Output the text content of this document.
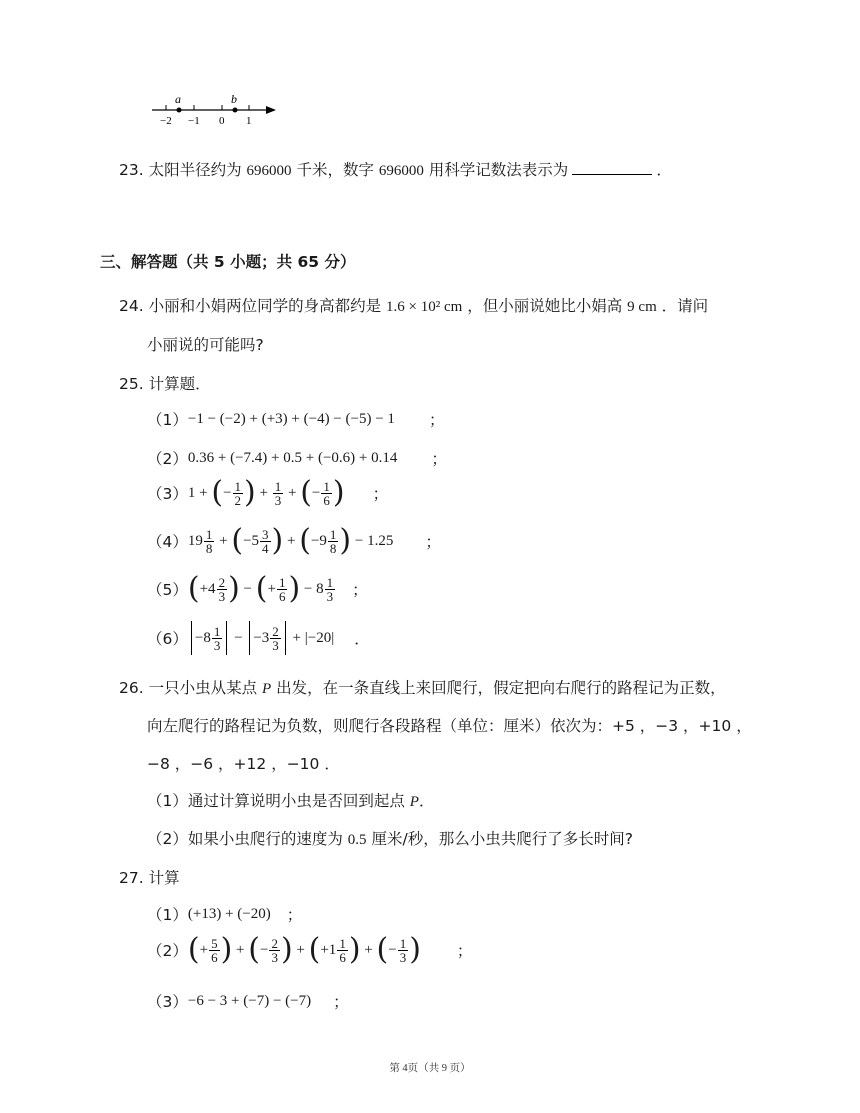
a	b
−2 −1 0 1
23. 太阳半径约为 696000 千米，数字 696000 用科学记数法表示为	．
三、解答题（共 5 小题；共 65 分）
24. 小丽和小娟两位同学的身高都约是 1.6 × 10² cm ，但小丽说她比小娟高 9 cm ．请问
小丽说的可能吗?
25. 计算题．
（1） −1 − (−2) + (+3) + (−4) − (−5) − 1 ；
（2） 0.36 + (−7.4) + 0.5 + (−0.6) + 0.14 ；
（3） 1 + ( − $\frac{1}{2}$ ) + $\frac{1}{3}$ + ( − $\frac{1}{6}$ ) ；
（4） $19 \frac{1}{8}$ + ( $-5 \frac{3}{4}$ ) + ( $-9 \frac{1}{8}$ ) − 1.25 ；
（5） ( $+4 \frac{2}{3}$ ) − ( + $\frac{1}{6}$ ) − $8 \frac{1}{3}$ ；
$(6) -8 \frac{1}{3}$ −
$-3 \frac{2}{3} + |-20|$ ．
26. 一只小虫从某点 P 出发，在一条直线上来回爬行，假定把向右爬行的路程记为正数，
向左爬行的路程记为负数，则爬行各段路程（单位：厘米）依次为：+5 ，−3 ，+10 ，
−8 ，−6 ，+12 ，−10 ．
（1）通过计算说明小虫是否回到起点 P．
（2）如果小虫爬行的速度为 0.5 厘米/秒，那么小虫共爬行了多长时间?
27. 计算
（1） (+13) + (−20) ；
（2） ( + $\frac{5}{6}$ ) + ( − $\frac{2}{3}$ ) + ( $+1 \frac{1}{6}$ ) + ( − $\frac{1}{3}$ ) ；
（3） −6 − 3 + (−7) − (−7) ；
第 4页（共 9 页）
